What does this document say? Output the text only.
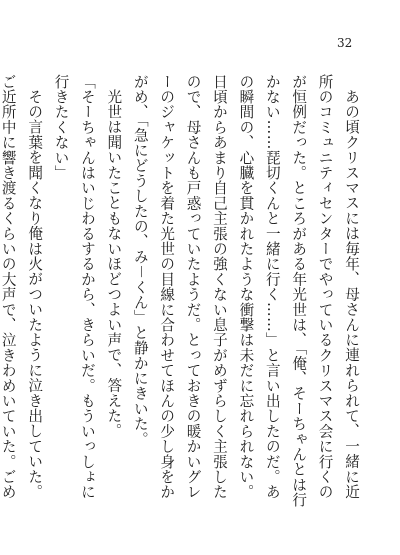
32

あの頃クリスマスには毎年、母さんに連れられて、一緒に近所のコミュニティセンターでやっているクリスマス会に行くのが恒例だった。ところがある年光世は、「俺、そーちゃんとは行かない……琵切くんと一緒に行く……」と言い出したのだ。あの瞬間の、心臓を貫かれたような衝撃は未だに忘れられない。日頃からあまり自己主張の強くない息子がめずらしく主張したので、母さんも戸惑っていたようだ。とっておきの暖かいグレーのジャケットを着た光世の目線に合わせてほんの少し身をかがめ、「急にどうしたの、み－くん」と静かにきいた。

光世は聞いたこともないほどつよい声で、答えた。

「そーちゃんはいじわるするから、きらいだ。もういっしょに行きたくない」

その言葉を聞くなり俺は火がついたように泣き出していた。ご近所中に響き渡るくらいの大声で、泣きわめいていた。ごめ　　
